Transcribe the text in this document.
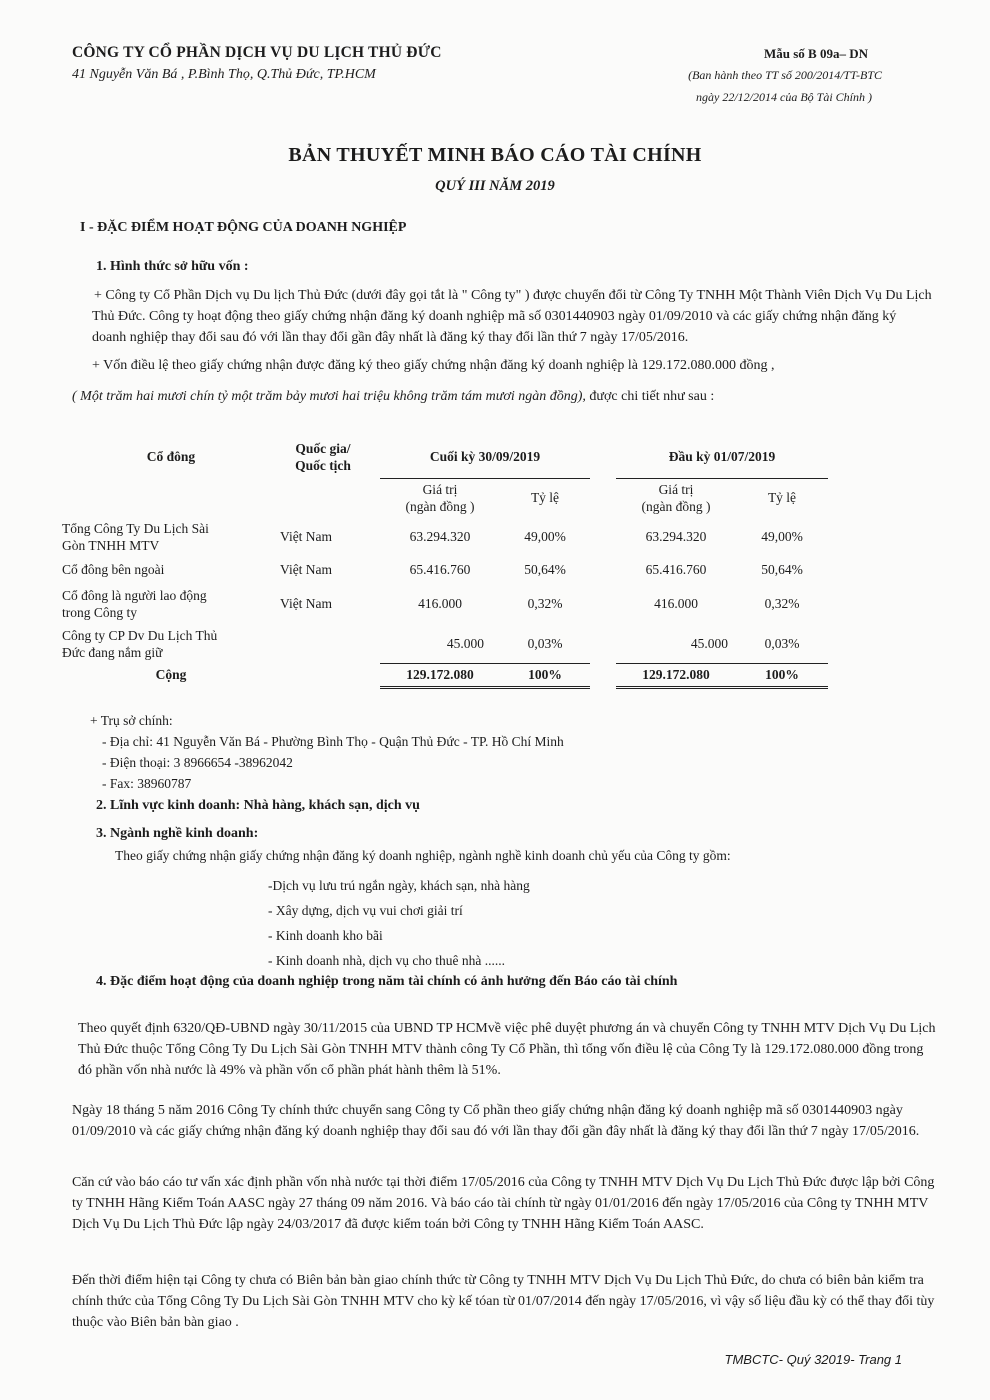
CÔNG TY CỔ PHẦN DỊCH VỤ DU LỊCH THỦ ĐỨC
41 Nguyễn Văn Bá , P.Bình Thọ, Q.Thủ Đức, TP.HCM
Mẫu số B 09a– DN
(Ban hành theo TT số 200/2014/TT-BTC
ngày 22/12/2014 của Bộ Tài Chính )
BẢN THUYẾT MINH BÁO CÁO TÀI CHÍNH
QUÝ III NĂM 2019
I - ĐẶC ĐIỂM HOẠT ĐỘNG CỦA DOANH NGHIỆP
1. Hình thức sở hữu vốn :
+ Công ty Cổ Phần Dịch vụ Du lịch Thủ Đức (dưới đây gọi tắt là " Công ty" ) được chuyển đổi từ Công Ty TNHH Một Thành Viên Dịch Vụ Du Lịch Thủ Đức. Công ty hoạt động theo giấy chứng nhận đăng ký doanh nghiệp mã số 0301440903 ngày 01/09/2010 và các giấy chứng nhận đăng ký doanh nghiệp thay đổi sau đó với lần thay đổi gần đây nhất là đăng ký thay đổi lần thứ 7 ngày 17/05/2016.
+ Vốn điều lệ theo giấy chứng nhận được đăng ký theo giấy chứng nhận đăng ký doanh nghiệp là 129.172.080.000 đồng ,
( Một trăm hai mươi chín tỷ một trăm bảy mươi hai triệu không trăm tám mươi ngàn đồng), được chi tiết như sau :
Cổ đông	Quốc gia/ Quốc tịch		Cuối kỳ 30/09/2019			Đầu kỳ 01/07/2019	
			Giá trị
(ngàn đồng )	Tỷ lệ		Giá trị
(ngàn đồng )	Tỷ lệ
Tổng Công Ty Du Lịch Sài Gòn TNHH MTV	Việt Nam		63.294.320	49,00%		63.294.320	49,00%
Cổ đông bên ngoài	Việt Nam		65.416.760	50,64%		65.416.760	50,64%
Cổ đông là người lao động trong Công ty	Việt Nam		416.000	0,32%		416.000	0,32%
Công ty CP Dv Du Lịch Thủ Đức đang nắm giữ			45.000	0,03%		45.000	0,03%
Cộng			129.172.080	100%		129.172.080	100%
+ Trụ sở chính:
- Địa chỉ: 41 Nguyễn Văn Bá - Phường Bình Thọ - Quận Thủ Đức - TP. Hồ Chí Minh
- Điện thoại: 3 8966654 -38962042
- Fax: 38960787
2. Lĩnh vực kinh doanh: Nhà hàng, khách sạn, dịch vụ
3. Ngành nghề kinh doanh:
Theo giấy chứng nhận giấy chứng nhận đăng ký doanh nghiệp, ngành nghề kinh doanh chủ yếu của Công ty gồm:
-Dịch vụ lưu trú ngắn ngày, khách sạn, nhà hàng
- Xây dựng, dịch vụ vui chơi giải trí
- Kinh doanh kho bãi
- Kinh doanh nhà, dịch vụ cho thuê nhà ......
4. Đặc điểm hoạt động của doanh nghiệp trong năm tài chính có ảnh hưởng đến Báo cáo tài chính
Theo quyết định 6320/QĐ-UBND ngày 30/11/2015 của UBND TP HCMvề việc phê duyệt phương án và chuyển Công ty TNHH MTV Dịch Vụ Du Lịch Thủ Đức thuộc Tổng Công Ty Du Lịch Sài Gòn TNHH MTV thành công Ty Cổ Phần, thì tổng vốn điều lệ của Công Ty là 129.172.080.000 đồng trong đó phần vốn nhà nước là 49% và phần vốn cổ phần phát hành thêm là 51%.
Ngày 18 tháng 5 năm 2016 Công Ty chính thức chuyển sang Công ty Cổ phần theo giấy chứng nhận đăng ký doanh nghiệp mã số 0301440903 ngày 01/09/2010 và các giấy chứng nhận đăng ký doanh nghiệp thay đổi sau đó với lần thay đổi gần đây nhất là đăng ký thay đổi lần thứ 7 ngày 17/05/2016.
Căn cứ vào báo cáo tư vấn xác định phần vốn nhà nước tại thời điểm 17/05/2016 của Công ty TNHH MTV Dịch Vụ Du Lịch Thủ Đức được lập bởi Công ty TNHH Hãng Kiểm Toán AASC ngày 27 tháng 09 năm 2016. Và báo cáo tài chính từ ngày 01/01/2016 đến ngày 17/05/2016 của Công ty TNHH MTV Dịch Vụ Du Lịch Thủ Đức lập ngày 24/03/2017 đã được kiểm toán bởi Công ty TNHH Hãng Kiểm Toán AASC.
Đến thời điểm hiện tại Công ty chưa có Biên bản bàn giao chính thức từ Công ty TNHH MTV Dịch Vụ Du Lịch Thủ Đức, do chưa có biên bản kiểm tra chính thức của Tổng Công Ty Du Lịch Sài Gòn TNHH MTV cho kỳ kế tóan từ 01/07/2014 đến ngày 17/05/2016, vì vậy số liệu đầu kỳ có thể thay đổi tùy thuộc vào Biên bản bàn giao .
TMBCTC- Quý 32019- Trang 1
